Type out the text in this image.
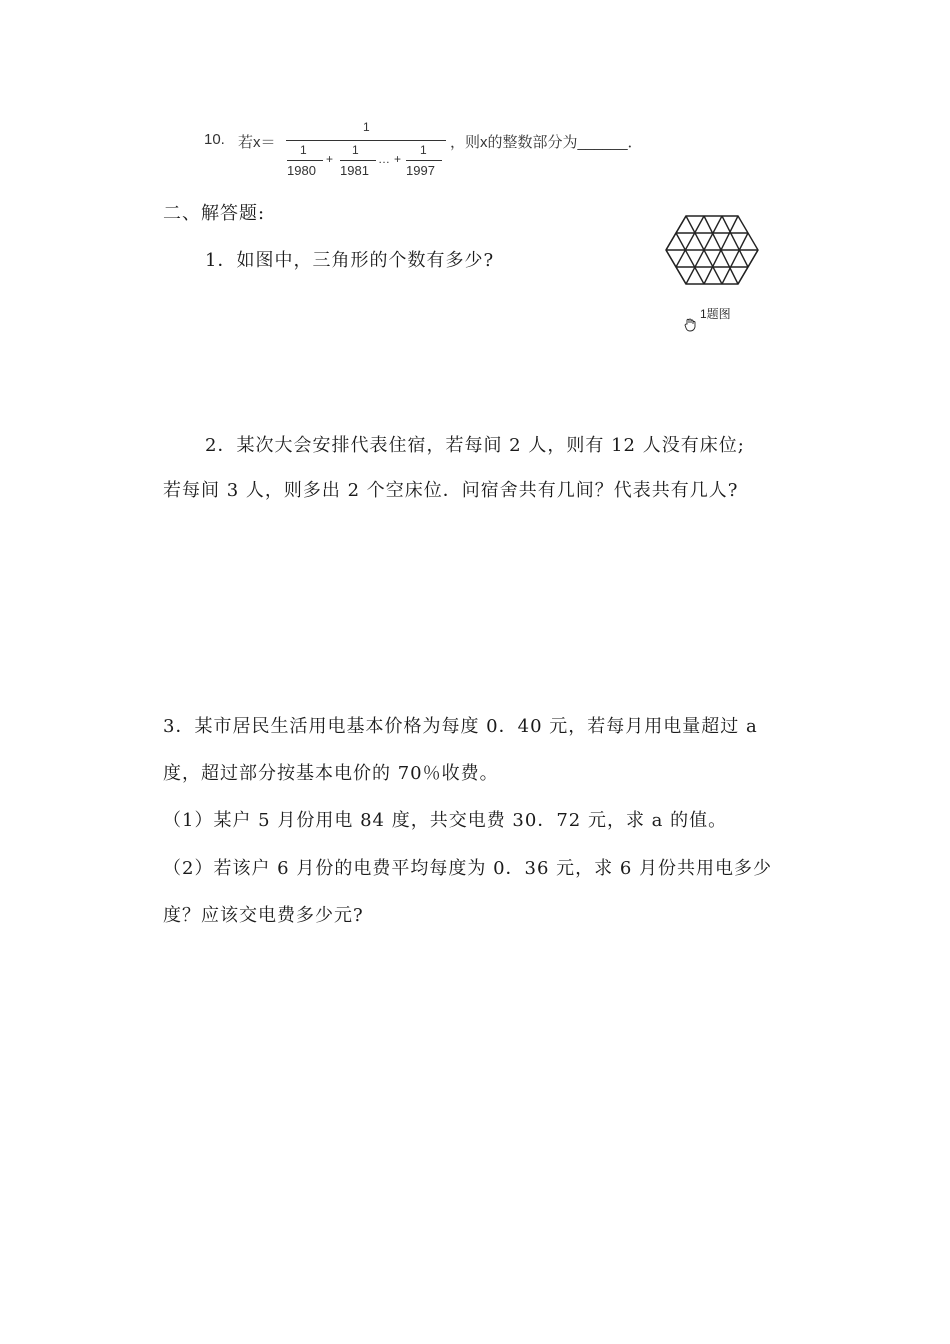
10. 若x＝
1
1
1980
+
1
1981
… +
1
1997
，则x的整数部分为______．
二、解答题:
1．如图中，三角形的个数有多少?
1题图
2．某次大会安排代表住宿，若每间 2 人，则有 12 人没有床位;
若每间 3 人，则多出 2 个空床位．问宿舍共有几间？代表共有几人?
3．某市居民生活用电基本价格为每度 0．40 元，若每月用电量超过 a
度，超过部分按基本电价的 70％收费。
（1）某户 5 月份用电 84 度，共交电费 30．72 元，求 a 的值。
（2）若该户 6 月份的电费平均每度为 0．36 元，求 6 月份共用电多少
度？应该交电费多少元?
